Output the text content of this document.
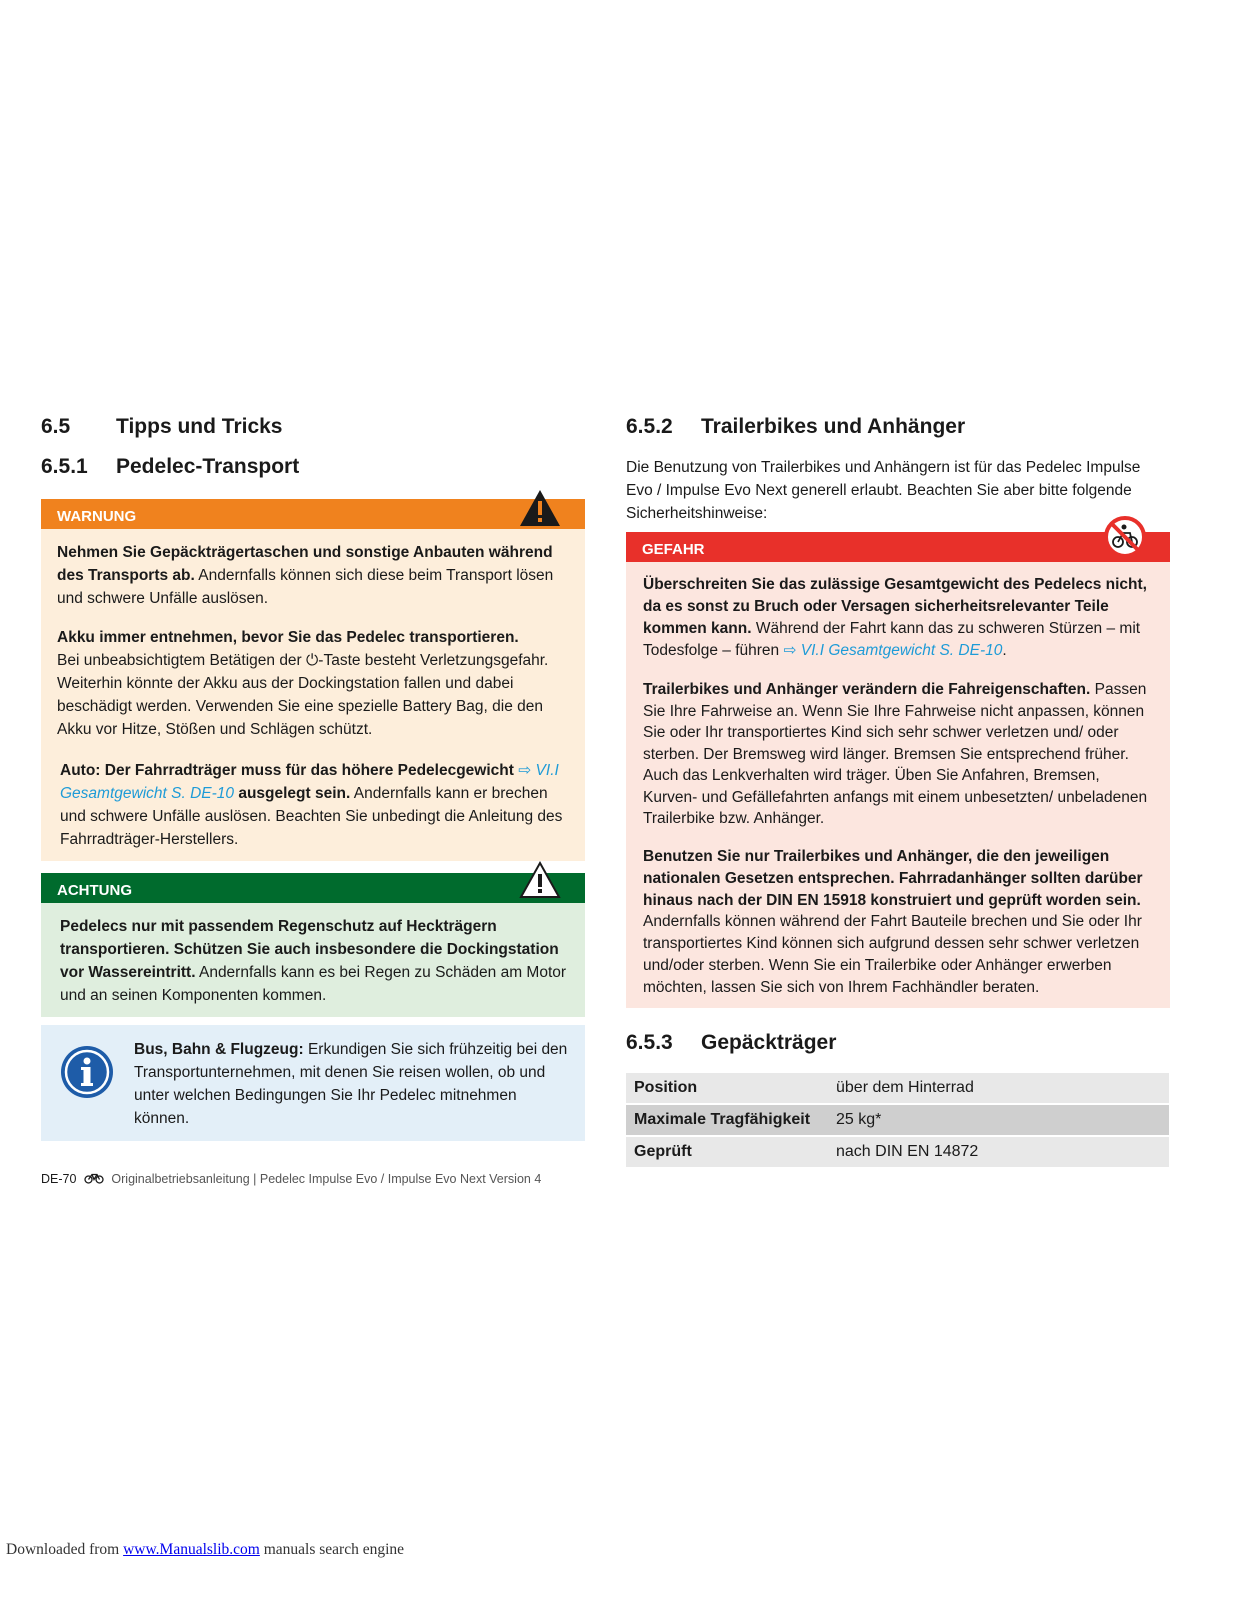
6.5 Tipps und Tricks
6.5.1 Pedelec-Transport
WARNUNG
Nehmen Sie Gepäckträgertaschen und sonstige Anbauten während des Transports ab. Andernfalls können sich diese beim Transport lösen und schwere Unfälle auslösen.
Akku immer entnehmen, bevor Sie das Pedelec transportieren.
Bei unbeabsichtigtem Betätigen der ⏻-Taste besteht Verletzungsgefahr. Weiterhin könnte der Akku aus der Dockingstation fallen und dabei beschädigt werden. Verwenden Sie eine spezielle Battery Bag, die den Akku vor Hitze, Stößen und Schlägen schützt.
Auto: Der Fahrradträger muss für das höhere Pedelecgewicht ⇨ VI.I Gesamtgewicht S. DE-10 ausgelegt sein. Andernfalls kann er brechen und schwere Unfälle auslösen. Beachten Sie unbedingt die Anleitung des Fahrradträger-Herstellers.
ACHTUNG
Pedelecs nur mit passendem Regenschutz auf Heckträgern transportieren. Schützen Sie auch insbesondere die Dockingstation vor Wassereintritt. Andernfalls kann es bei Regen zu Schäden am Motor und an seinen Komponenten kommen.
Bus, Bahn & Flugzeug: Erkundigen Sie sich frühzeitig bei den Transportunternehmen, mit denen Sie reisen wollen, ob und unter welchen Bedingungen Sie Ihr Pedelec mitnehmen können.
DE-70	Originalbetriebsanleitung | Pedelec Impulse Evo / Impulse Evo Next Version 4
6.5.2 Trailerbikes und Anhänger
Die Benutzung von Trailerbikes und Anhängern ist für das Pedelec Impulse Evo / Impulse Evo Next generell erlaubt. Beachten Sie aber bitte folgende Sicherheitshinweise:
GEFAHR
Überschreiten Sie das zulässige Gesamtgewicht des Pedelecs nicht, da es sonst zu Bruch oder Versagen sicherheitsrelevanter Teile kommen kann. Während der Fahrt kann das zu schweren Stürzen – mit Todesfolge – führen ⇨ VI.I Gesamtgewicht S. DE-10.
Trailerbikes und Anhänger verändern die Fahreigenschaften. Passen Sie Ihre Fahrweise an. Wenn Sie Ihre Fahrweise nicht anpassen, können Sie oder Ihr transportiertes Kind sich sehr schwer verletzen und/ oder sterben. Der Bremsweg wird länger. Bremsen Sie entsprechend früher. Auch das Lenkverhalten wird träger. Üben Sie Anfahren, Bremsen, Kurven- und Gefällefahrten anfangs mit einem unbesetzten/ unbeladenen Trailerbike bzw. Anhänger.
Benutzen Sie nur Trailerbikes und Anhänger, die den jeweiligen nationalen Gesetzen entsprechen. Fahrradanhänger sollten darüber hinaus nach der DIN EN 15918 konstruiert und geprüft worden sein. Andernfalls können während der Fahrt Bauteile brechen und Sie oder Ihr transportiertes Kind können sich aufgrund dessen sehr schwer verletzen und/oder sterben. Wenn Sie ein Trailerbike oder Anhänger erwerben möchten, lassen Sie sich von Ihrem Fachhändler beraten.
6.5.3 Gepäckträger
Position	über dem Hinterrad
Maximale Tragfähigkeit	25 kg*
Geprüft	nach DIN EN 14872
Downloaded from www.Manualslib.com manuals search engine
